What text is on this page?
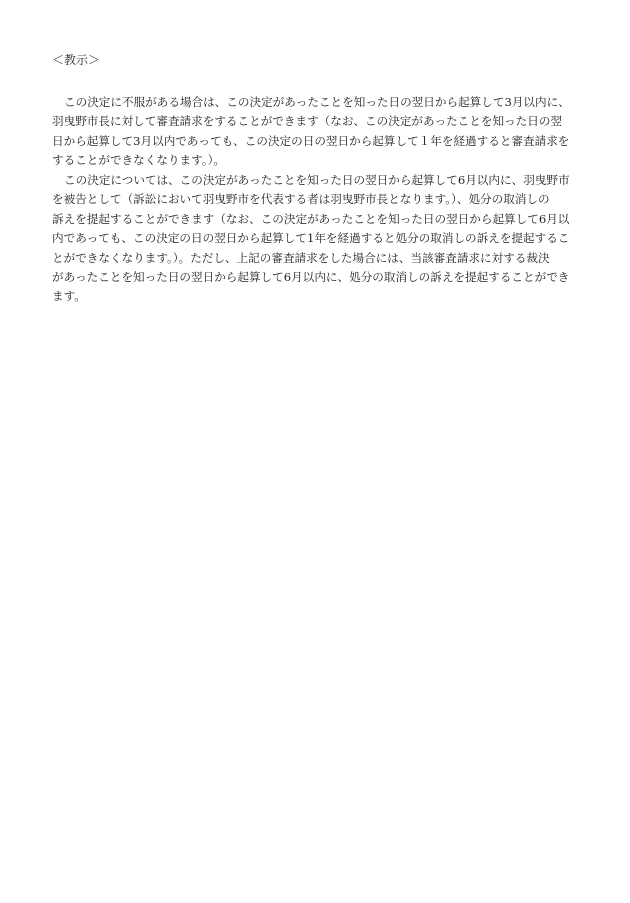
＜教示＞
この決定に不服がある場合は、この決定があったことを知った日の翌日から起算して3月以内に、
羽曳野市長に対して審査請求をすることができます（なお、この決定があったことを知った日の翌
日から起算して3月以内であっても、この決定の日の翌日から起算して１年を経過すると審査請求を
することができなくなります。）。
この決定については、この決定があったことを知った日の翌日から起算して6月以内に、羽曳野市
を被告として（訴訟において羽曳野市を代表する者は羽曳野市長となります。）、処分の取消しの
訴えを提起することができます（なお、この決定があったことを知った日の翌日から起算して6月以
内であっても、この決定の日の翌日から起算して1年を経過すると処分の取消しの訴えを提起するこ
とができなくなります。）。ただし、上記の審査請求をした場合には、当該審査請求に対する裁決
があったことを知った日の翌日から起算して6月以内に、処分の取消しの訴えを提起することができ
ます。
